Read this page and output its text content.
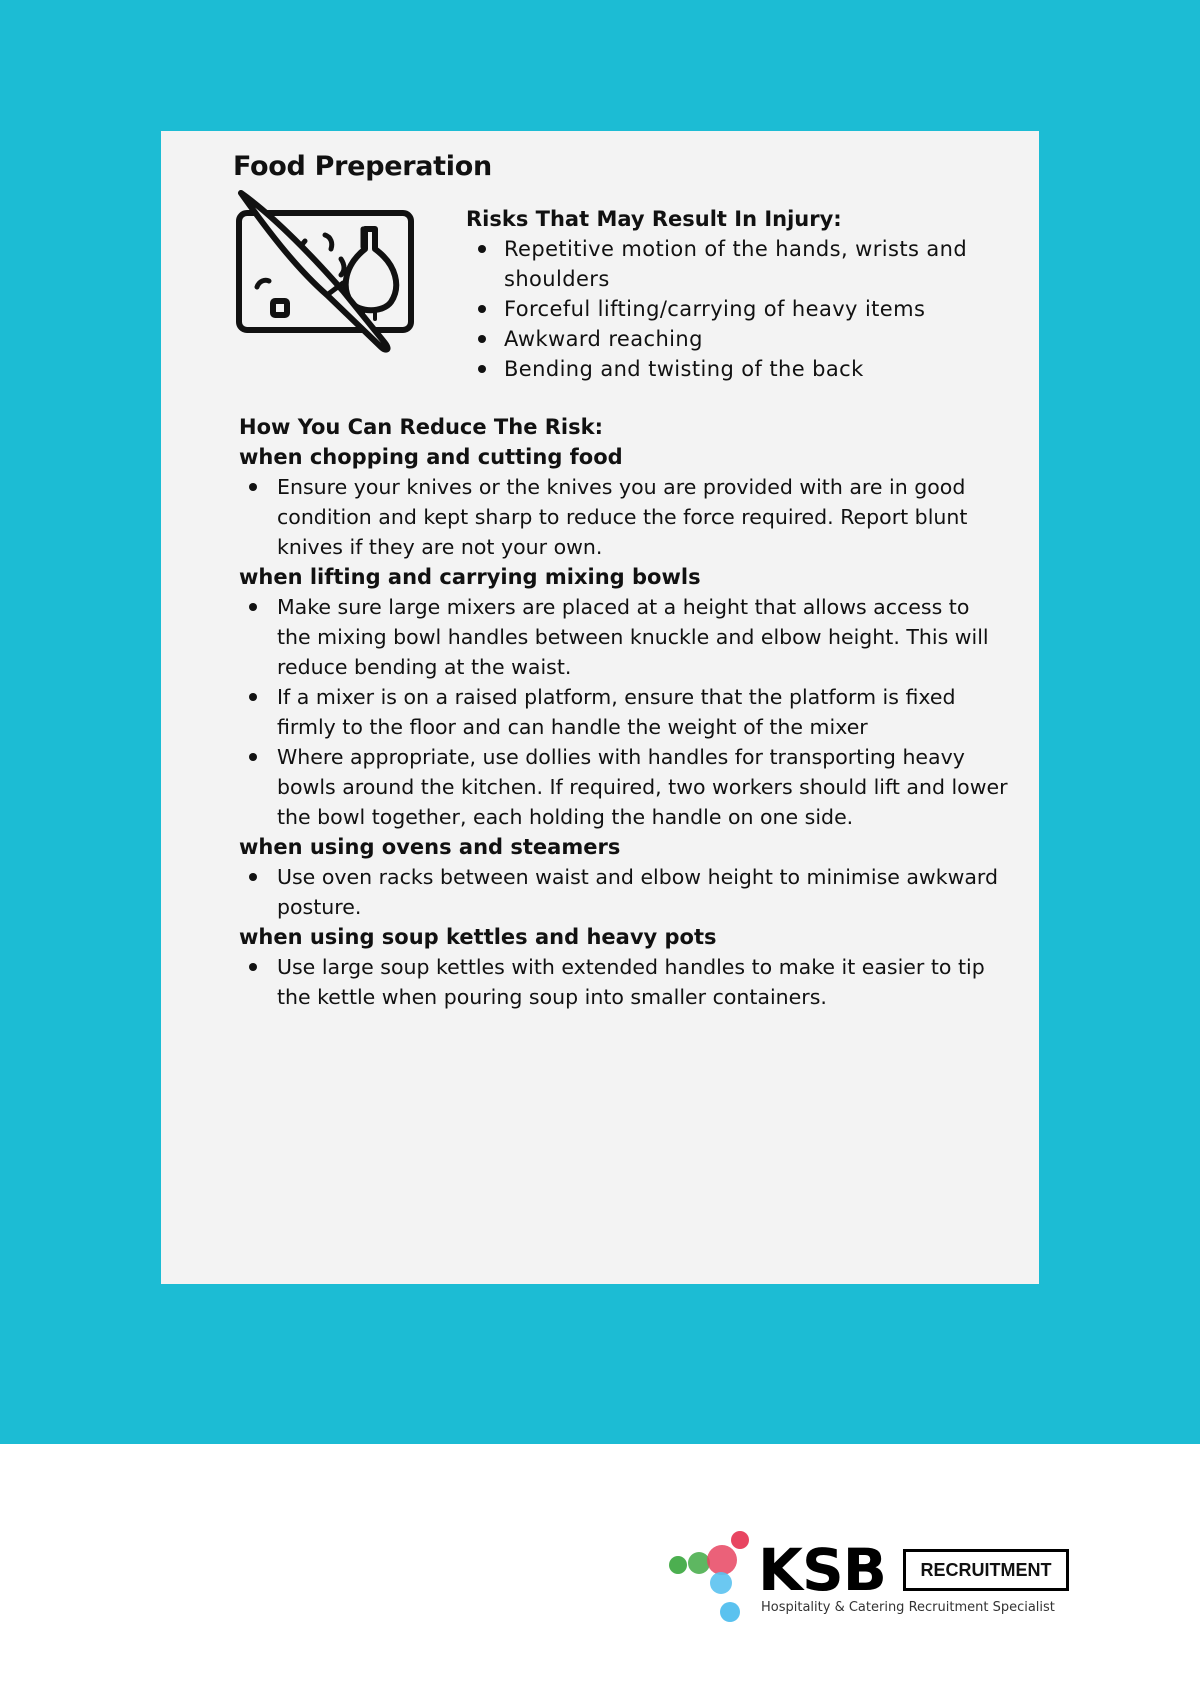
Food Preperation

Risks That May Result In Injury:

Repetitive motion of the hands, wrists and shoulders
Forceful lifting/carrying of heavy items
Awkward reaching
Bending and twisting of the back

How You Can Reduce The Risk:

when chopping and cutting food

Ensure your knives or the knives you are provided with are in good condition and kept sharp to reduce the force required. Report blunt knives if they are not your own.

when lifting and carrying mixing bowls

Make sure large mixers are placed at a height that allows access to the mixing bowl handles between knuckle and elbow height. This will reduce bending at the waist.
If a mixer is on a raised platform, ensure that the platform is fixed firmly to the floor and can handle the weight of the mixer
Where appropriate, use dollies with handles for transporting heavy bowls around the kitchen. If required, two workers should lift and lower the bowl together, each holding the handle on one side.

when using ovens and steamers

Use oven racks between waist and elbow height to minimise awkward posture.

when using soup kettles and heavy pots

Use large soup kettles with extended handles to make it easier to tip the kettle when pouring soup into smaller containers.
KSB	RECRUITMENT
Hospitality & Catering Recruitment Specialist
